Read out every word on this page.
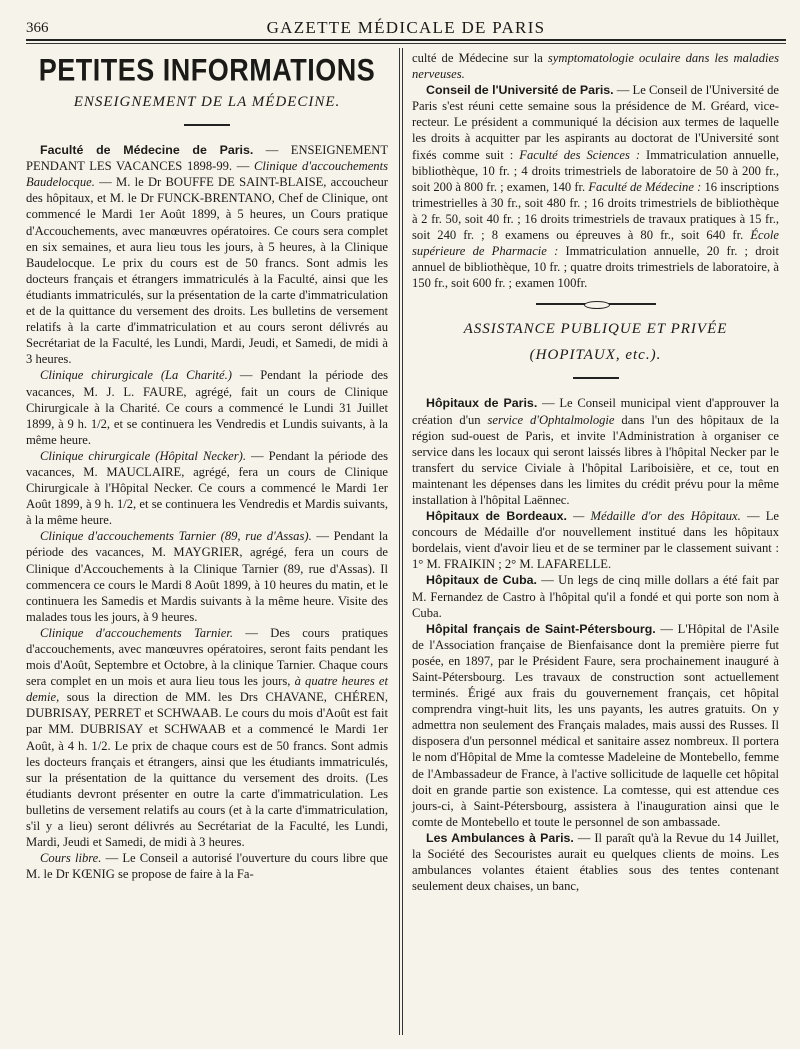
366	GAZETTE MÉDICALE DE PARIS
PETITES INFORMATIONS
ENSEIGNEMENT DE LA MÉDECINE.

Faculté de Médecine de Paris. — ENSEIGNEMENT PENDANT LES VACANCES 1898-99. — Clinique d'accouchements Baudelocque. — M. le Dr BOUFFE DE SAINT-BLAISE, accoucheur des hôpitaux, et M. le Dr FUNCK-BRENTANO, Chef de Clinique, ont commencé le Mardi 1er Août 1899, à 5 heures, un Cours pratique d'Accouchements, avec manœuvres opératoires. Ce cours sera complet en six semaines, et aura lieu tous les jours, à 5 heures, à la Clinique Baudelocque. Le prix du cours est de 50 francs. Sont admis les docteurs français et étrangers immatriculés à la Faculté, ainsi que les étudiants immatriculés, sur la présentation de la carte d'immatriculation et de la quittance du versement des droits. Les bulletins de versement relatifs à la carte d'immatriculation et au cours seront délivrés au Secrétariat de la Faculté, les Lundi, Mardi, Jeudi, et Samedi, de midi à 3 heures.

Clinique chirurgicale (La Charité.) — Pendant la période des vacances, M. J. L. FAURE, agrégé, fait un cours de Clinique Chirurgicale à la Charité. Ce cours a commencé le Lundi 31 Juillet 1899, à 9 h. 1/2, et se continuera les Vendredis et Lundis suivants, à la même heure.

Clinique chirurgicale (Hôpital Necker). — Pendant la période des vacances, M. MAUCLAIRE, agrégé, fera un cours de Clinique Chirurgicale à l'Hôpital Necker. Ce cours a commencé le Mardi 1er Août 1899, à 9 h. 1/2, et se continuera les Vendredis et Mardis suivants, à la même heure.

Clinique d'accouchements Tarnier (89, rue d'Assas). — Pendant la période des vacances, M. MAYGRIER, agrégé, fera un cours de Clinique d'Accouchements à la Clinique Tarnier (89, rue d'Assas). Il commencera ce cours le Mardi 8 Août 1899, à 10 heures du matin, et le continuera les Samedis et Mardis suivants à la même heure. Visite des malades tous les jours, à 9 heures.

Clinique d'accouchements Tarnier. — Des cours pratiques d'accouchements, avec manœuvres opératoires, seront faits pendant les mois d'Août, Septembre et Octobre, à la clinique Tarnier. Chaque cours sera complet en un mois et aura lieu tous les jours, à quatre heures et demie, sous la direction de MM. les Drs CHAVANE, CHÉREN, DUBRISAY, PERRET et SCHWAAB. Le cours du mois d'Août est fait par MM. DUBRISAY et SCHWAAB et a commencé le Mardi 1er Août, à 4 h. 1/2. Le prix de chaque cours est de 50 francs. Sont admis les docteurs français et étrangers, ainsi que les étudiants immatriculés, sur la présentation de la quittance du versement des droits. (Les étudiants devront présenter en outre la carte d'immatriculation. Les bulletins de versement relatifs au cours (et à la carte d'immatriculation, s'il y a lieu) seront délivrés au Secrétariat de la Faculté, les Lundi, Mardi, Jeudi et Samedi, de midi à 3 heures.

Cours libre. — Le Conseil a autorisé l'ouverture du cours libre que M. le Dr KŒNIG se propose de faire à la Fa-

culté de Médecine sur la symptomatologie oculaire dans les maladies nerveuses.

Conseil de l'Université de Paris. — Le Conseil de l'Université de Paris s'est réuni cette semaine sous la présidence de M. Gréard, vice-recteur. Le président a communiqué la décision aux termes de laquelle les droits à acquitter par les aspirants au doctorat de l'Université sont fixés comme suit : Faculté des Sciences : Immatriculation annuelle, bibliothèque, 10 fr. ; 4 droits trimestriels de laboratoire de 50 à 200 fr., soit 200 à 800 fr. ; examen, 140 fr. Faculté de Médecine : 16 inscriptions trimestrielles à 30 fr., soit 480 fr. ; 16 droits trimestriels de bibliothèque à 2 fr. 50, soit 40 fr. ; 16 droits trimestriels de travaux pratiques à 15 fr., soit 240 fr. ; 8 examens ou épreuves à 80 fr., soit 640 fr. École supérieure de Pharmacie : Immatriculation annuelle, 20 fr. ; droit annuel de bibliothèque, 10 fr. ; quatre droits trimestriels de laboratoire, à 150 fr., soit 600 fr. ; examen 100fr.

ASSISTANCE PUBLIQUE ET PRIVÉE
(HOPITAUX, etc.).

Hôpitaux de Paris. — Le Conseil municipal vient d'approuver la création d'un service d'Ophtalmologie dans l'un des hôpitaux de la région sud-ouest de Paris, et invite l'Administration à organiser ce service dans les locaux qui seront laissés libres à l'hôpital Necker par le transfert du service Civiale à l'hôpital Lariboisière, et ce, tout en maintenant les dépenses dans les limites du crédit prévu pour la même installation à l'hôpital Laënnec.

Hôpitaux de Bordeaux. — Médaille d'or des Hôpitaux. — Le concours de Médaille d'or nouvellement institué dans les hôpitaux bordelais, vient d'avoir lieu et de se terminer par le classement suivant : 1° M. FRAIKIN ; 2° M. LAFARELLE.

Hôpitaux de Cuba. — Un legs de cinq mille dollars a été fait par M. Fernandez de Castro à l'hôpital qu'il a fondé et qui porte son nom à Cuba.

Hôpital français de Saint-Pétersbourg. — L'Hôpital de l'Asile de l'Association française de Bienfaisance dont la première pierre fut posée, en 1897, par le Président Faure, sera prochainement inauguré à Saint-Pétersbourg. Les travaux de construction sont actuellement terminés. Érigé aux frais du gouvernement français, cet hôpital comprendra vingt-huit lits, les uns payants, les autres gratuits. On y admettra non seulement des Français malades, mais aussi des Russes. Il disposera d'un personnel médical et sanitaire assez nombreux. Il portera le nom d'Hôpital de Mme la comtesse Madeleine de Montebello, femme de l'Ambassadeur de France, à l'active sollicitude de laquelle cet hôpital doit en grande partie son existence. La comtesse, qui est attendue ces jours-ci, à Saint-Pétersbourg, assistera à l'inauguration ainsi que le comte de Montebello et toute le personnel de son ambassade.

Les Ambulances à Paris. — Il paraît qu'à la Revue du 14 Juillet, la Société des Secouristes aurait eu quelques clients de moins. Les ambulances volantes étaient établies sous des tentes contenant seulement deux chaises, un banc,
